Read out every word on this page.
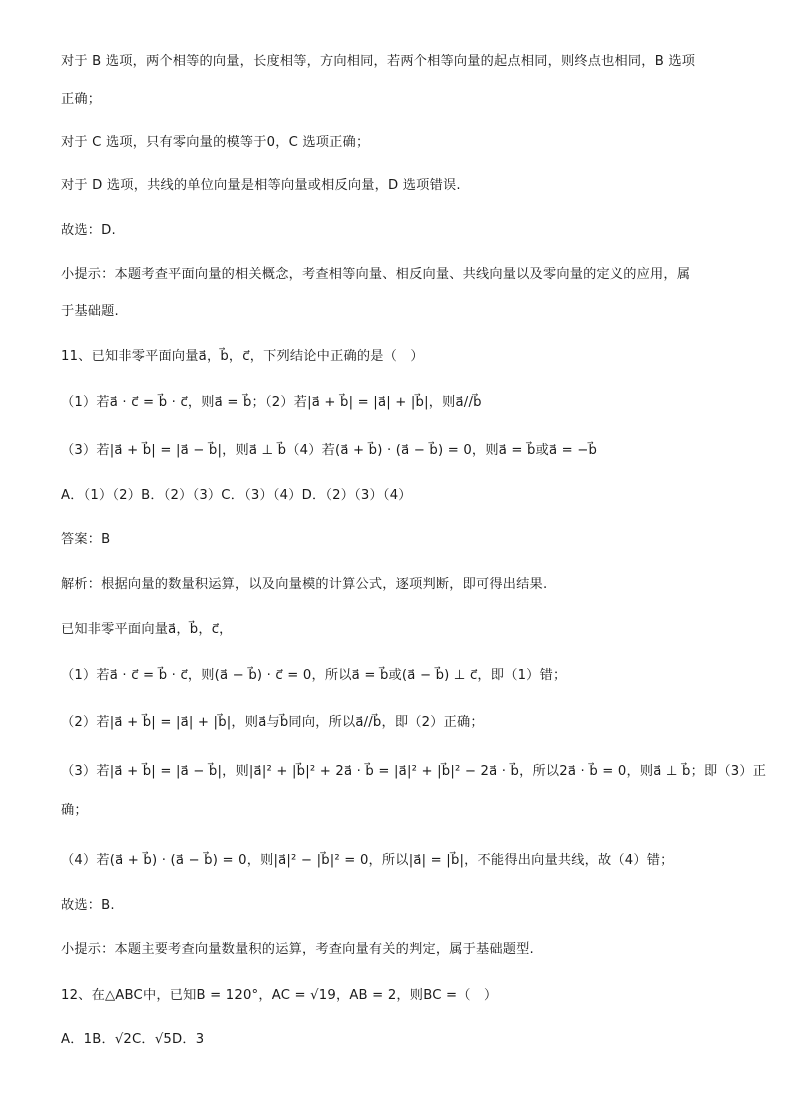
对于 B 选项，两个相等的向量，长度相等，方向相同，若两个相等向量的起点相同，则终点也相同，B 选项
正确；
对于 C 选项，只有零向量的模等于0，C 选项正确；
对于 D 选项，共线的单位向量是相等向量或相反向量，D 选项错误.
故选：D.
小提示：本题考查平面向量的相关概念，考查相等向量、相反向量、共线向量以及零向量的定义的应用，属
于基础题.
11、已知非零平面向量a⃗，b⃗，c⃗，下列结论中正确的是（　）
（1）若a⃗ · c⃗ = b⃗ · c⃗，则a⃗ = b⃗；（2）若|a⃗ + b⃗| = |a⃗| + |b⃗|，则a⃗//b⃗
（3）若|a⃗ + b⃗| = |a⃗ − b⃗|，则a⃗ ⊥ b⃗（4）若(a⃗ + b⃗) · (a⃗ − b⃗) = 0，则a⃗ = b⃗或a⃗ = −b⃗
A．（1）（2）B．（2）（3）C．（3）（4）D．（2）（3）（4）
答案：B
解析：根据向量的数量积运算，以及向量模的计算公式，逐项判断，即可得出结果.
已知非零平面向量a⃗，b⃗，c⃗，
（1）若a⃗ · c⃗ = b⃗ · c⃗，则(a⃗ − b⃗) · c⃗ = 0，所以a⃗ = b⃗或(a⃗ − b⃗) ⊥ c⃗，即（1）错；
（2）若|a⃗ + b⃗| = |a⃗| + |b⃗|，则a⃗与b⃗同向，所以a⃗//b⃗，即（2）正确；
（3）若|a⃗ + b⃗| = |a⃗ − b⃗|，则|a⃗|² + |b⃗|² + 2a⃗ · b⃗ = |a⃗|² + |b⃗|² − 2a⃗ · b⃗，所以2a⃗ · b⃗ = 0，则a⃗ ⊥ b⃗；即（3）正
确；
（4）若(a⃗ + b⃗) · (a⃗ − b⃗) = 0，则|a⃗|² − |b⃗|² = 0，所以|a⃗| = |b⃗|，不能得出向量共线，故（4）错；
故选：B.
小提示：本题主要考查向量数量积的运算，考查向量有关的判定，属于基础题型.
12、在△ABC中，已知B = 120°，AC = √19，AB = 2，则BC =（　）
A．1B．√2C．√5D．3
